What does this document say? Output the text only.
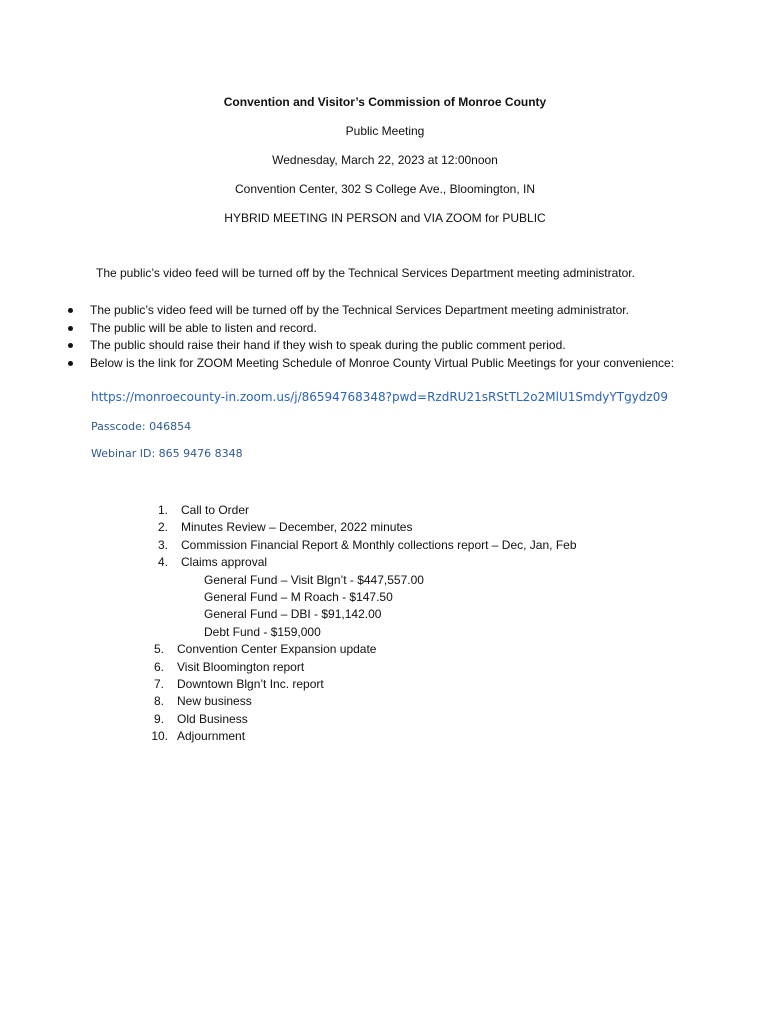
Convention and Visitor’s Commission of Monroe County
Public Meeting
Wednesday, March 22, 2023 at 12:00noon
Convention Center, 302 S College Ave., Bloomington, IN
HYBRID MEETING IN PERSON and VIA ZOOM for PUBLIC
The public’s video feed will be turned off by the Technical Services Department meeting administrator.
The public’s video feed will be turned off by the Technical Services Department meeting administrator.
The public will be able to listen and record.
The public should raise their hand if they wish to speak during the public comment period.
Below is the link for ZOOM Meeting Schedule of Monroe County Virtual Public Meetings for your convenience:
https://monroecounty-in.zoom.us/j/86594768348?pwd=RzdRU21sRStTL2o2MlU1SmdyYTgydz09
Passcode: 046854
Webinar ID: 865 9476 8348
1. Call to Order
2. Minutes Review – December, 2022 minutes
3. Commission Financial Report & Monthly collections report – Dec, Jan, Feb
4. Claims approval
General Fund – Visit Blgn’t - $447,557.00
General Fund – M Roach - $147.50
General Fund – DBI - $91,142.00
Debt Fund - $159,000
5. Convention Center Expansion update
6. Visit Bloomington report
7. Downtown Blgn’t Inc. report
8. New business
9. Old Business
10. Adjournment
